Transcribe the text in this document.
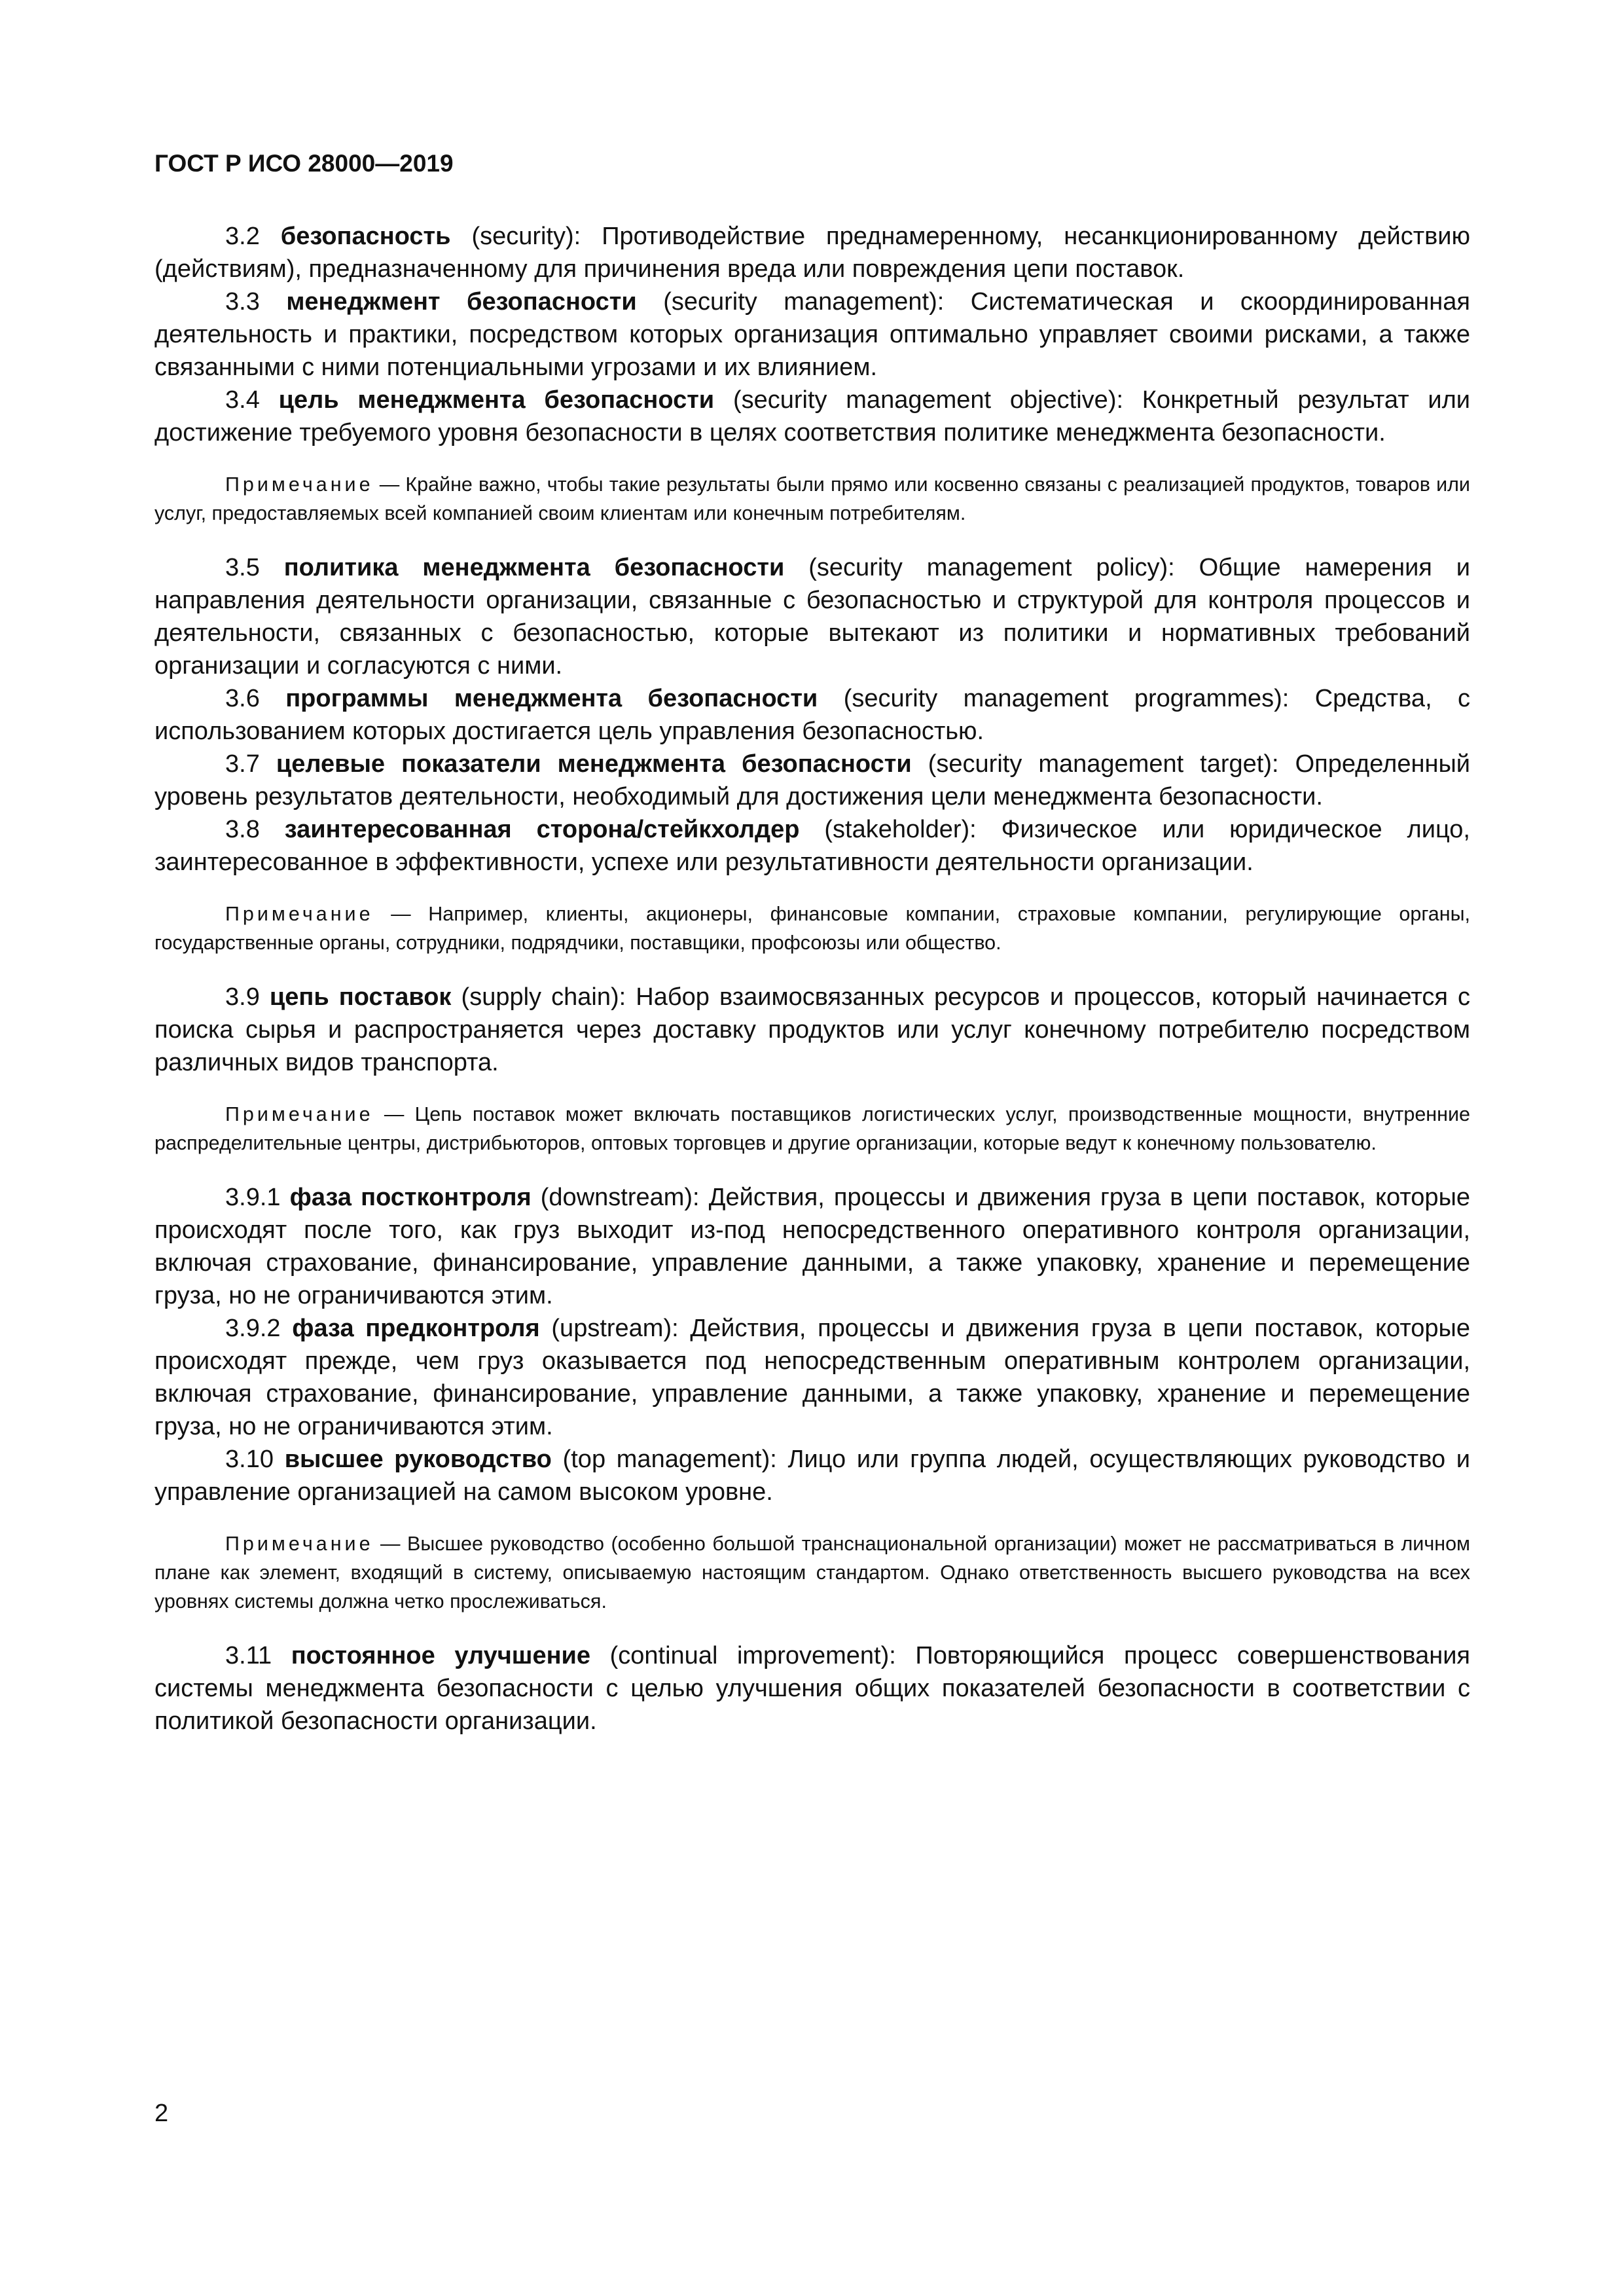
ГОСТ Р ИСО 28000—2019

3.2 безопасность (security): Противодействие преднамеренному, несанкционированному действию (действиям), предназначенному для причинения вреда или повреждения цепи поставок.

3.3 менеджмент безопасности (security management): Систематическая и скоординированная деятельность и практики, посредством которых организация оптимально управляет своими рисками, а также связанными с ними потенциальными угрозами и их влиянием.

3.4 цель менеджмента безопасности (security management objective): Конкретный результат или достижение требуемого уровня безопасности в целях соответствия политике менеджмента безопасности.

Примечание — Крайне важно, чтобы такие результаты были прямо или косвенно связаны с реализацией продуктов, товаров или услуг, предоставляемых всей компанией своим клиентам или конечным потребителям.

3.5 политика менеджмента безопасности (security management policy): Общие намерения и направления деятельности организации, связанные с безопасностью и структурой для контроля процессов и деятельности, связанных с безопасностью, которые вытекают из политики и нормативных требований организации и согласуются с ними.

3.6 программы менеджмента безопасности (security management programmes): Средства, с использованием которых достигается цель управления безопасностью.

3.7 целевые показатели менеджмента безопасности (security management target): Определенный уровень результатов деятельности, необходимый для достижения цели менеджмента безопасности.

3.8 заинтересованная сторона/стейкхолдер (stakeholder): Физическое или юридическое лицо, заинтересованное в эффективности, успехе или результативности деятельности организации.

Примечание — Например, клиенты, акционеры, финансовые компании, страховые компании, регулирующие органы, государственные органы, сотрудники, подрядчики, поставщики, профсоюзы или общество.

3.9 цепь поставок (supply chain): Набор взаимосвязанных ресурсов и процессов, который начинается с поиска сырья и распространяется через доставку продуктов или услуг конечному потребителю посредством различных видов транспорта.

Примечание — Цепь поставок может включать поставщиков логистических услуг, производственные мощности, внутренние распределительные центры, дистрибьюторов, оптовых торговцев и другие организации, которые ведут к конечному пользователю.

3.9.1 фаза постконтроля (downstream): Действия, процессы и движения груза в цепи поставок, которые происходят после того, как груз выходит из-под непосредственного оперативного контроля организации, включая страхование, финансирование, управление данными, а также упаковку, хранение и перемещение груза, но не ограничиваются этим.

3.9.2 фаза предконтроля (upstream): Действия, процессы и движения груза в цепи поставок, которые происходят прежде, чем груз оказывается под непосредственным оперативным контролем организации, включая страхование, финансирование, управление данными, а также упаковку, хранение и перемещение груза, но не ограничиваются этим.

3.10 высшее руководство (top management): Лицо или группа людей, осуществляющих руководство и управление организацией на самом высоком уровне.

Примечание — Высшее руководство (особенно большой транснациональной организации) может не рассматриваться в личном плане как элемент, входящий в систему, описываемую настоящим стандартом. Однако ответственность высшего руководства на всех уровнях системы должна четко прослеживаться.

3.11 постоянное улучшение (continual improvement): Повторяющийся процесс совершенствования системы менеджмента безопасности с целью улучшения общих показателей безопасности в соответствии с политикой безопасности организации.

2
